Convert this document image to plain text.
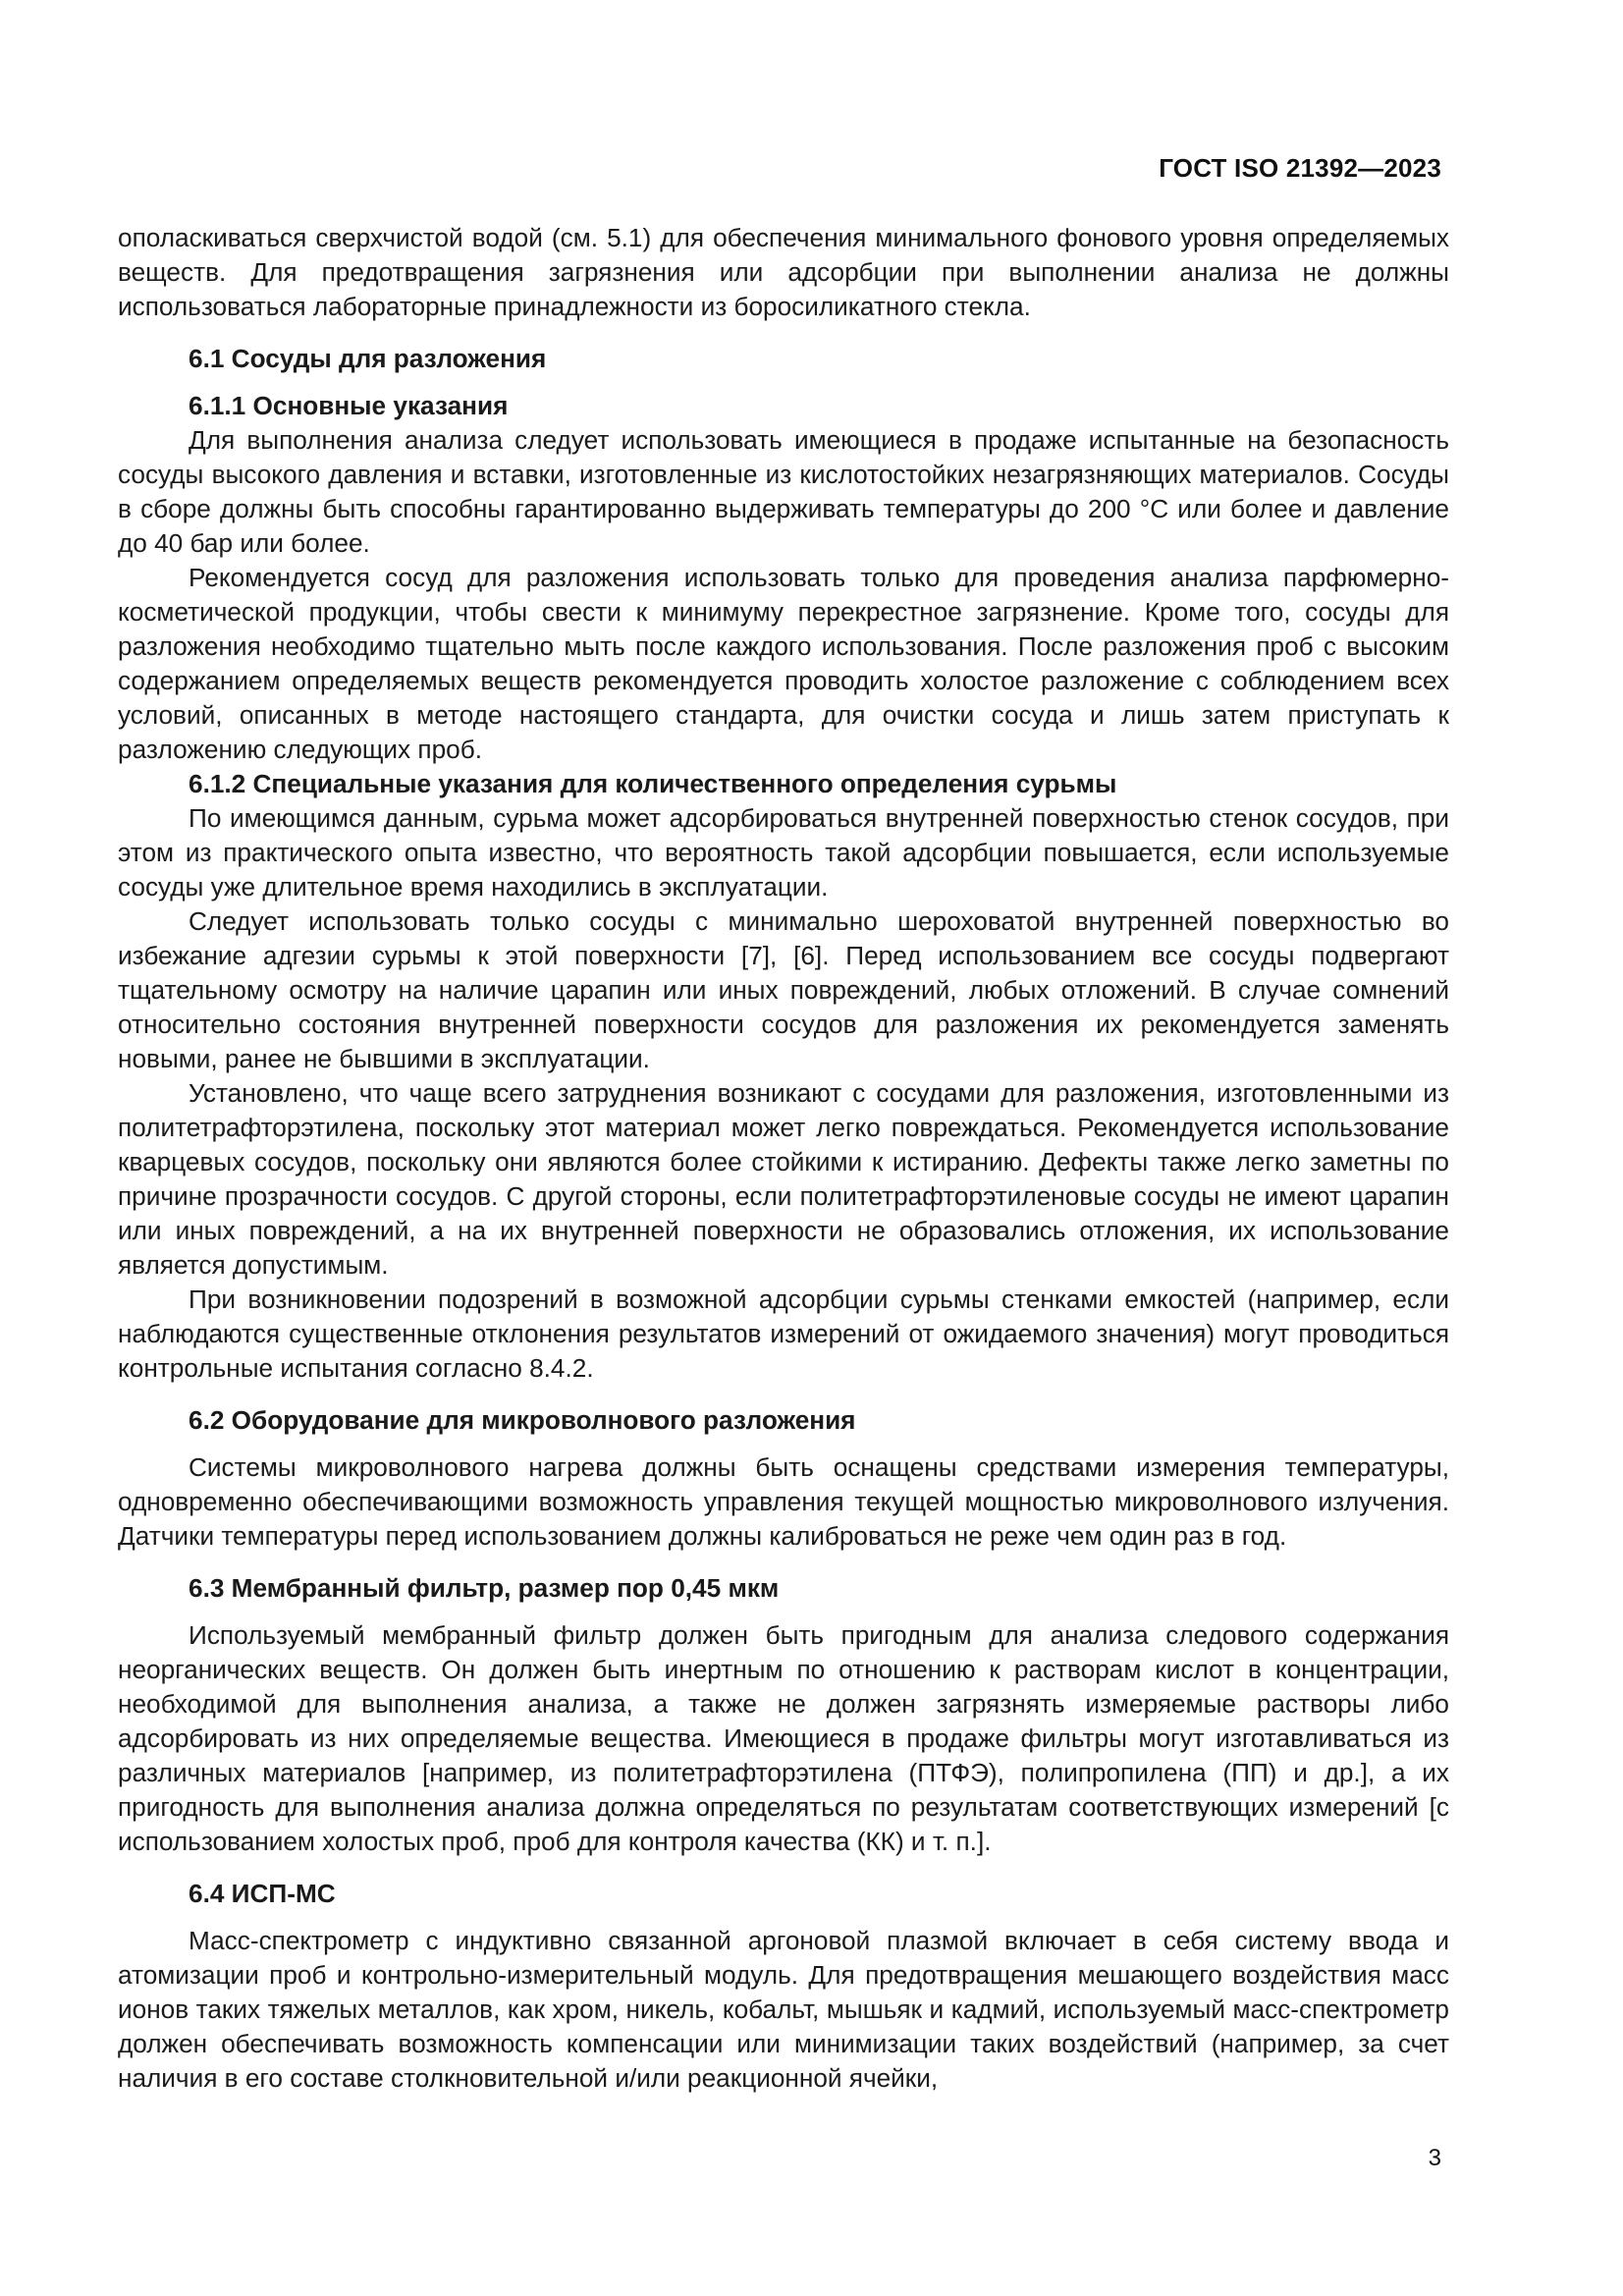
ГОСТ ISO 21392—2023

ополаскиваться сверхчистой водой (см. 5.1) для обеспечения минимального фонового уровня определяемых веществ. Для предотвращения загрязнения или адсорбции при выполнении анализа не должны использоваться лабораторные принадлежности из боросиликатного стекла.

6.1 Сосуды для разложения
6.1.1 Основные указания

Для выполнения анализа следует использовать имеющиеся в продаже испытанные на безопасность сосуды высокого давления и вставки, изготовленные из кислотостойких незагрязняющих материалов. Сосуды в сборе должны быть способны гарантированно выдерживать температуры до 200 °С или более и давление до 40 бар или более.

Рекомендуется сосуд для разложения использовать только для проведения анализа парфюмерно-косметической продукции, чтобы свести к минимуму перекрестное загрязнение. Кроме того, сосуды для разложения необходимо тщательно мыть после каждого использования. После разложения проб с высоким содержанием определяемых веществ рекомендуется проводить холостое разложение с соблюдением всех условий, описанных в методе настоящего стандарта, для очистки сосуда и лишь затем приступать к разложению следующих проб.

6.1.2 Специальные указания для количественного определения сурьмы

По имеющимся данным, сурьма может адсорбироваться внутренней поверхностью стенок сосудов, при этом из практического опыта известно, что вероятность такой адсорбции повышается, если используемые сосуды уже длительное время находились в эксплуатации.

Следует использовать только сосуды с минимально шероховатой внутренней поверхностью во избежание адгезии сурьмы к этой поверхности [7], [6]. Перед использованием все сосуды подвергают тщательному осмотру на наличие царапин или иных повреждений, любых отложений. В случае сомнений относительно состояния внутренней поверхности сосудов для разложения их рекомендуется заменять новыми, ранее не бывшими в эксплуатации.

Установлено, что чаще всего затруднения возникают с сосудами для разложения, изготовленными из политетрафторэтилена, поскольку этот материал может легко повреждаться. Рекомендуется использование кварцевых сосудов, поскольку они являются более стойкими к истиранию. Дефекты также легко заметны по причине прозрачности сосудов. С другой стороны, если политетрафторэтиленовые сосуды не имеют царапин или иных повреждений, а на их внутренней поверхности не образовались отложения, их использование является допустимым.

При возникновении подозрений в возможной адсорбции сурьмы стенками емкостей (например, если наблюдаются существенные отклонения результатов измерений от ожидаемого значения) могут проводиться контрольные испытания согласно 8.4.2.

6.2 Оборудование для микроволнового разложения

Системы микроволнового нагрева должны быть оснащены средствами измерения температуры, одновременно обеспечивающими возможность управления текущей мощностью микроволнового излучения. Датчики температуры перед использованием должны калиброваться не реже чем один раз в год.

6.3 Мембранный фильтр, размер пор 0,45 мкм

Используемый мембранный фильтр должен быть пригодным для анализа следового содержания неорганических веществ. Он должен быть инертным по отношению к растворам кислот в концентрации, необходимой для выполнения анализа, а также не должен загрязнять измеряемые растворы либо адсорбировать из них определяемые вещества. Имеющиеся в продаже фильтры могут изготавливаться из различных материалов [например, из политетрафторэтилена (ПТФЭ), полипропилена (ПП) и др.], а их пригодность для выполнения анализа должна определяться по результатам соответствующих измерений [с использованием холостых проб, проб для контроля качества (КК) и т. п.].

6.4 ИСП-МС

Масс-спектрометр с индуктивно связанной аргоновой плазмой включает в себя систему ввода и атомизации проб и контрольно-измерительный модуль. Для предотвращения мешающего воздействия масс ионов таких тяжелых металлов, как хром, никель, кобальт, мышьяк и кадмий, используемый масс-спектрометр должен обеспечивать возможность компенсации или минимизации таких воздействий (например, за счет наличия в его составе столкновительной и/или реакционной ячейки,

3
